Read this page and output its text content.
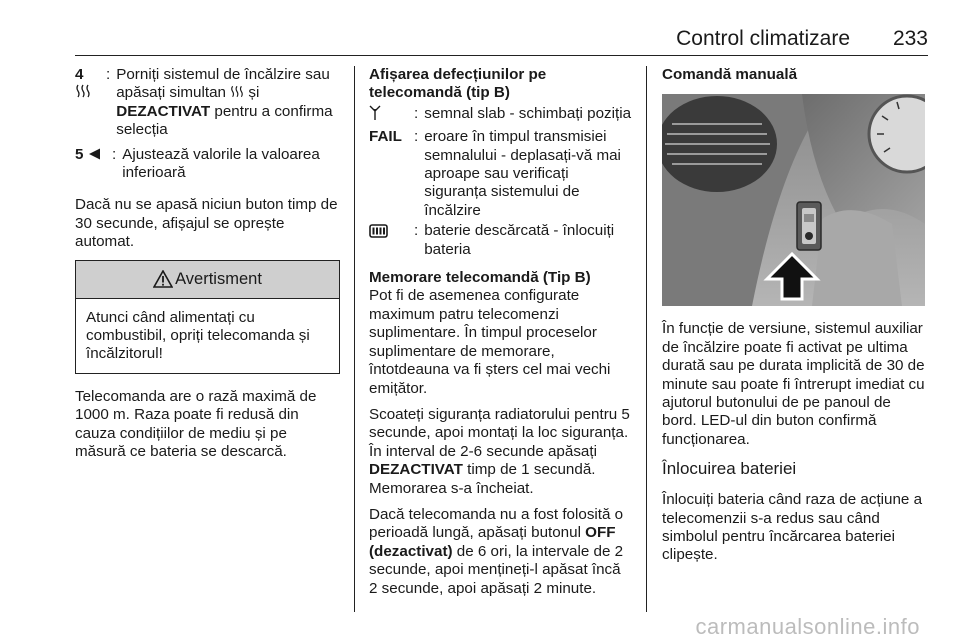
Control climatizare 233
4	: Porniți sistemul de încălzire sau apăsați simultan  și DEZACTIVAT pentru a confirma selecția
5	: Ajustează valorile la valoarea inferioară

Dacă nu se apasă niciun buton timp de 30 secunde, afișajul se oprește automat.

Avertisment
Atunci când alimentați cu combustibil, opriți telecomanda și încălzitorul!

Telecomanda are o rază maximă de 1000 m. Raza poate fi redusă din cauza condițiilor de mediu și pe măsură ce bateria se descarcă.

Afișarea defecțiunilor pe telecomandă (tip B)
: semnal slab - schimbați poziția
FAIL : eroare în timpul transmisiei semnalului - deplasați-vă mai aproape sau verificați siguranța sistemului de încălzire
: baterie descărcată - înlocuiți bateria
Memorare telecomandă (Tip B)

Pot fi de asemenea configurate maximum patru telecomenzi suplimentare. În timpul proceselor suplimentare de memorare, întotdeauna va fi șters cel mai vechi emițător.

Scoateți siguranța radiatorului pentru 5 secunde, apoi montați la loc siguranța. În interval de 2-6 secunde apăsați DEZACTIVAT timp de 1 secundă. Memorarea s-a încheiat.

Dacă telecomanda nu a fost folosită o perioadă lungă, apăsați butonul OFF (dezactivat) de 6 ori, la intervale de 2 secunde, apoi mențineți-l apăsat încă 2 secunde, apoi apăsați 2 minute.

Comandă manuală

În funcție de versiune, sistemul auxiliar de încălzire poate fi activat pe ultima durată sau pe durata implicită de 30 de minute sau poate fi întrerupt imediat cu ajutorul butonului de pe panoul de bord. LED-ul din buton confirmă funcționarea.

Înlocuirea bateriei

Înlocuiți bateria când raza de acțiune a telecomenzii s-a redus sau când simbolul pentru încărcarea bateriei clipește.

carmanualsonline.info
